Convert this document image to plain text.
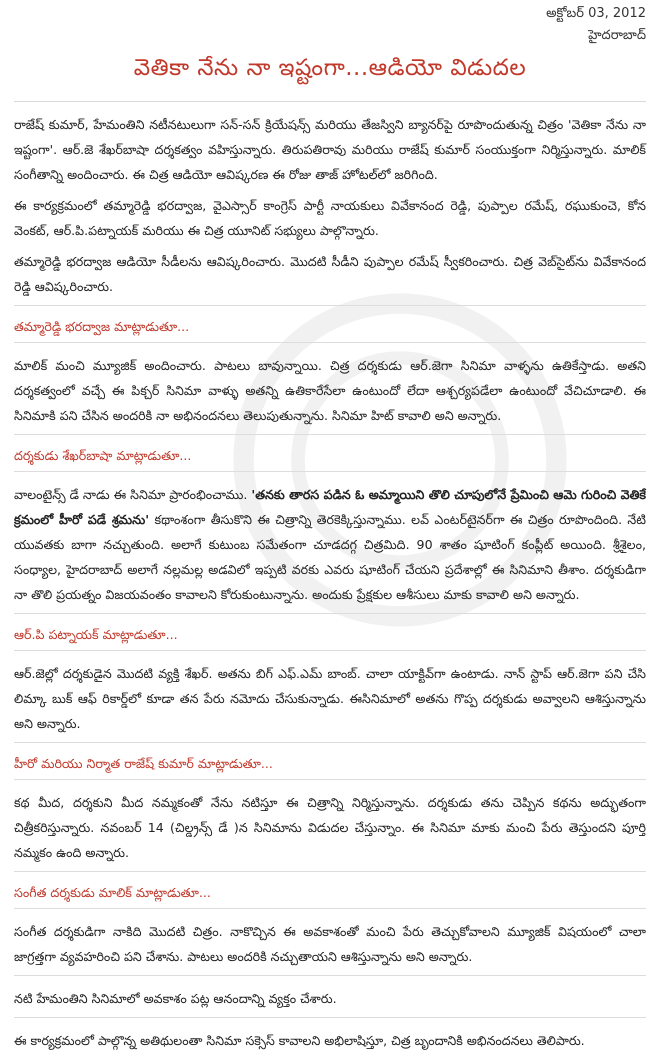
అక్టోబర్ 03, 2012
హైదరాబాద్
వెతికా నేను నా ఇష్టంగా...ఆడియో విడుదల

రాజేష్ కుమార్, హేమంతిని నటీనటులుగా సన్-సన్ క్రియేషన్స్ మరియు తేజస్విని బ్యానర్‌పై రూపొందుతున్న చిత్రం 'వెతికా నేను నా ఇష్టంగా'. ఆర్.జె శేఖర్‌బాషా దర్శకత్వం వహిస్తున్నారు. తిరుపతిరావు మరియు రాజేష్ కుమార్ సంయుక్తంగా నిర్మిస్తున్నారు. మాలిక్ సంగీతాన్ని అందించారు. ఈ చిత్ర ఆడియో ఆవిష్కరణ ఈ రోజు తాజ్ హోటల్‌లో జరిగింది.

ఈ కార్యక్రమంలో తమ్మారెడ్డి భరద్వాజ, వైఎస్సార్ కాంగ్రెస్ పార్టీ నాయకులు వివేకానంద రెడ్డి, పుప్పాల రమేష్, రఘుకుంచె, కోన వెంకట్, ఆర్.పి.పట్నాయక్ మరియు ఈ చిత్ర యూనిట్ సభ్యులు పాల్గొన్నారు.

తమ్మారెడ్డి భరద్వాజ ఆడియో సీడీలను ఆవిష్కరించారు. మొదటి సీడీని పుప్పాల రమేష్ స్వీకరించారు. చిత్ర వెబ్‌సైట్‌ను వివేకానంద రెడ్డి ఆవిష్కరించారు.

తమ్మారెడ్డి భరద్వాజ మాట్లాడుతూ...

మాలిక్ మంచి మ్యూజిక్ అందించారు. పాటలు బావున్నాయి. చిత్ర దర్శకుడు ఆర్.జెగా సినిమా వాళ్ళను ఉతికేస్తాడు. అతని దర్శకత్వంలో వచ్చే ఈ పిక్చర్ సినిమా వాళ్ళు అతన్ని ఉతికారేసేలా ఉంటుందో లేదా ఆశ్చర్యపడేలా ఉంటుందో వేచిచూడాలి. ఈ సినిమాకి పని చేసిన అందరికి నా అభినందనలు తెలుపుతున్నాను. సినిమా హిట్ కావాలి అని అన్నారు.

దర్శకుడు శేఖర్‌బాషా మాట్లాడుతూ...

వాలంటైన్స్ డే నాడు ఈ సినిమా ప్రారంభించాము. 'తనకు తారస పడిన ఓ అమ్మాయిని తొలి చూపులోనే ప్రేమించి ఆమె గురించి వెతికే క్రమంలో హీరో పడే శ్రమను' కథాంశంగా తీసుకొని ఈ చిత్రాన్ని తెరకెక్కిస్తున్నాము. లవ్ ఎంటర్‌టైనర్‌గా ఈ చిత్రం రూపొందింది. నేటి యువతకు బాగా నచ్చుతుంది. అలాగే కుటుంబ సమేతంగా చూడదగ్గ చిత్రమిది. 90 శాతం షూటింగ్ కంప్లీట్ అయింది. శ్రీశైలం, సంధ్యాల, హైదరాబాద్ అలాగే నల్లమల్ల అడవిలో ఇప్పటి వరకు ఎవరు షూటింగ్ చేయని ప్రదేశాల్లో ఈ సినిమాని తీశాం. దర్శకుడిగా నా తొలి ప్రయత్నం విజయవంతం కావాలని కోరుకుంటున్నాను. అందుకు ప్రేక్షకుల ఆశీసులు మాకు కావాలి అని అన్నారు.

ఆర్.పి పట్నాయక్ మాట్లాడుతూ...

ఆర్.జెల్లో దర్శకుడైన మొదటి వ్యక్తి శేఖర్. అతను బిగ్ ఎఫ్.ఎమ్ బాంబ్. చాలా యాక్టివ్‌గా ఉంటాడు. నాన్ స్టాప్ ఆర్.జెగా పని చేసి లిమ్కా బుక్ ఆఫ్ రికార్డ్‌లో కూడా తన పేరు నమోదు చేసుకున్నాడు. ఈసినిమాలో అతను గొప్ప దర్శకుడు అవ్వాలని ఆశిస్తున్నాను అని అన్నారు.

హీరో మరియు నిర్మాత రాజేష్ కుమార్ మాట్లాడుతూ...

కథ మీద, దర్శకుని మీద నమ్మకంతో నేను నటిస్తూ ఈ చిత్రాన్ని నిర్మిస్తున్నాను. దర్శకుడు తను చెప్పిన కథను అద్భుతంగా చిత్రీకరిస్తున్నారు. నవంబర్ 14 (చిల్డ్రన్స్ డే )న సినిమాను విడుదల చేస్తున్నాం. ఈ సినిమా మాకు మంచి పేరు తెస్తుందని పూర్తి నమ్మకం ఉంది అన్నారు.

సంగీత దర్శకుడు మాలిక్ మాట్లాడుతూ...

సంగీత దర్శకుడిగా నాకిది మొదటి చిత్రం. నాకొచ్చిన ఈ అవకాశంతో మంచి పేరు తెచ్చుకోవాలని మ్యూజిక్ విషయంలో చాలా జాగ్రత్తగా వ్యవహరించి పని చేశాను. పాటలు అందరికి నచ్చుతాయని ఆశిస్తున్నాను అని అన్నారు.

నటి హేమంతిని సినిమాలో అవకాశం పట్ల ఆనందాన్ని వ్యక్తం చేశారు.

ఈ కార్యక్రమంలో పాల్గొన్న అతిథులంతా సినిమా సక్సెస్ కావాలని అభిలాషిస్తూ, చిత్ర బృందానికి అభినందనలు తెలిపారు.
